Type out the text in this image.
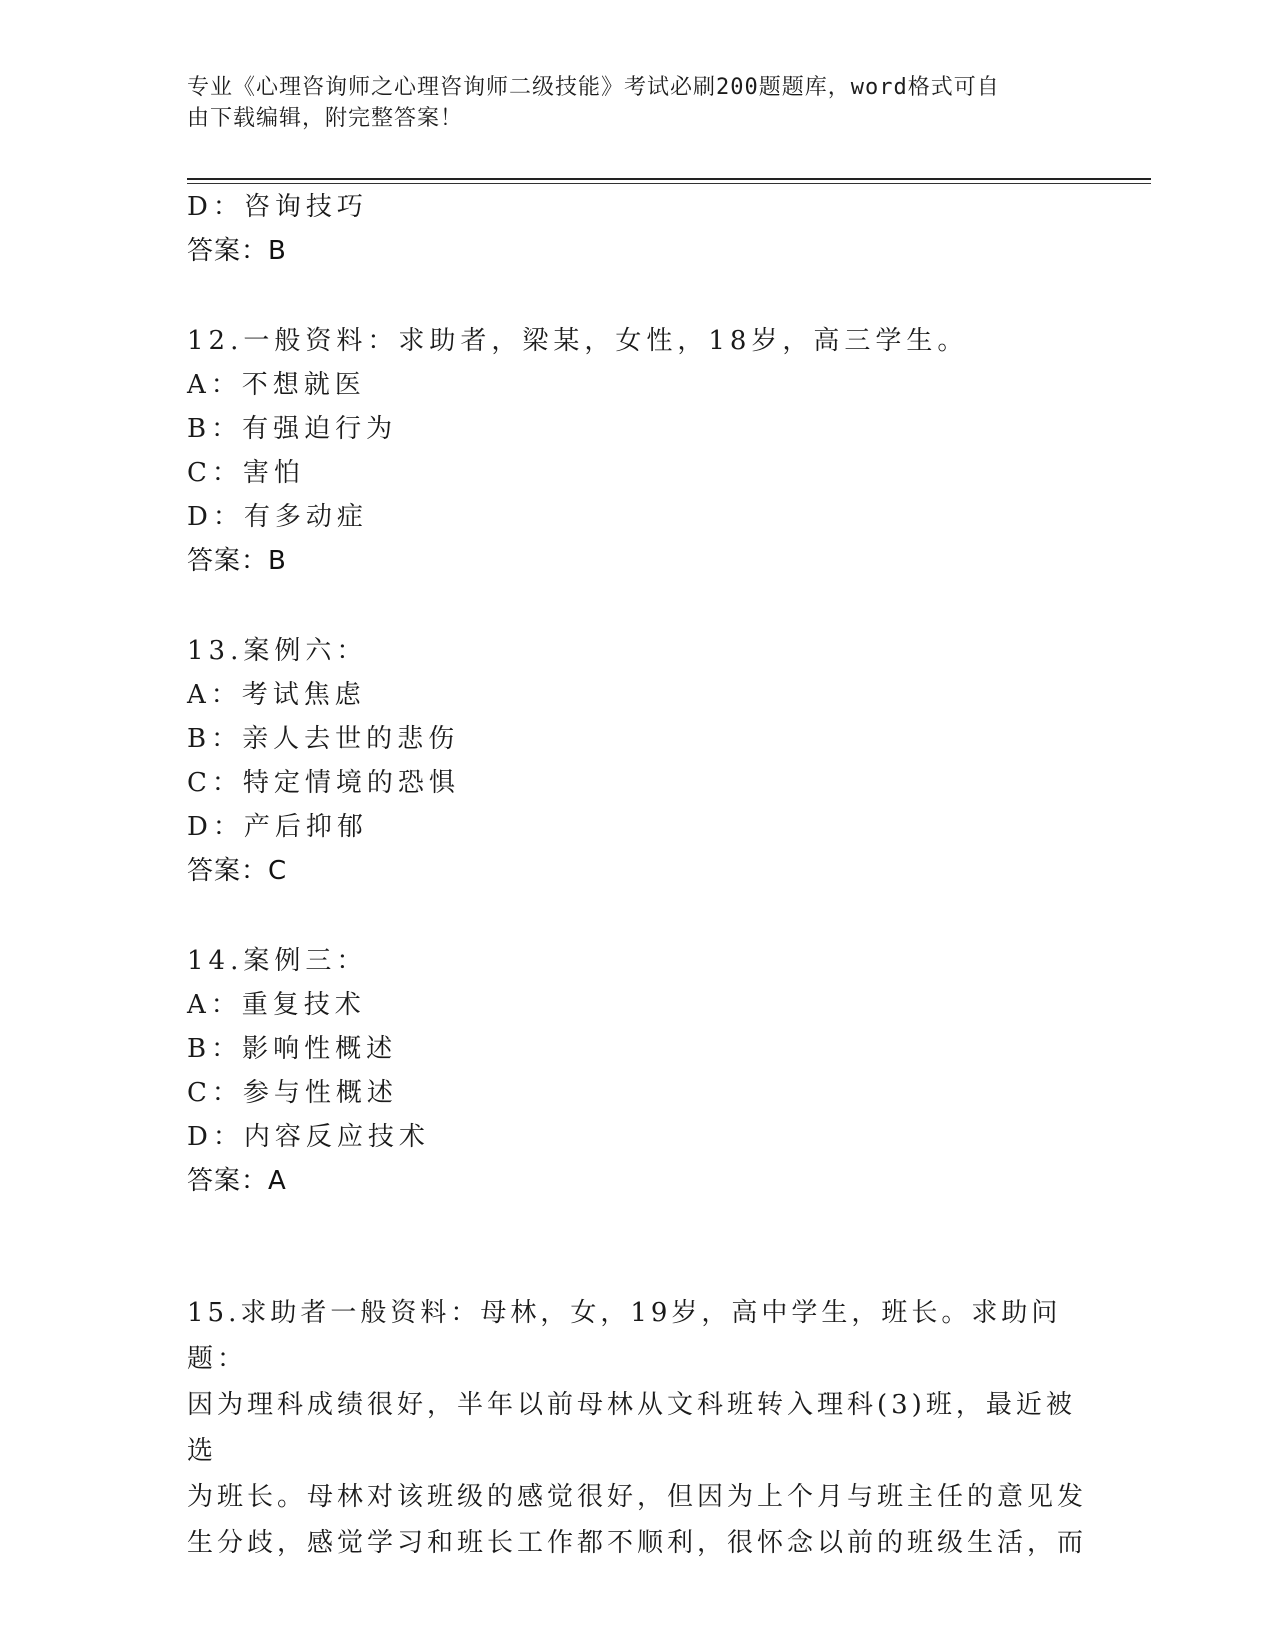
专业《心理咨询师之心理咨询师二级技能》考试必刷200题题库，word格式可自
由下载编辑，附完整答案！
D：咨询技巧
答案：B
12.一般资料：求助者，梁某，女性，18岁，高三学生。
A：不想就医
B：有强迫行为
C：害怕
D：有多动症
答案：B
13.案例六：
A：考试焦虑
B：亲人去世的悲伤
C：特定情境的恐惧
D：产后抑郁
答案：C
14.案例三：
A：重复技术
B：影响性概述
C：参与性概述
D：内容反应技术
答案：A
15.求助者一般资料：母林，女，19岁，高中学生，班长。求助问题：
因为理科成绩很好，半年以前母林从文科班转入理科(3)班，最近被选
为班长。母林对该班级的感觉很好，但因为上个月与班主任的意见发
生分歧，感觉学习和班长工作都不顺利，很怀念以前的班级生活，而
